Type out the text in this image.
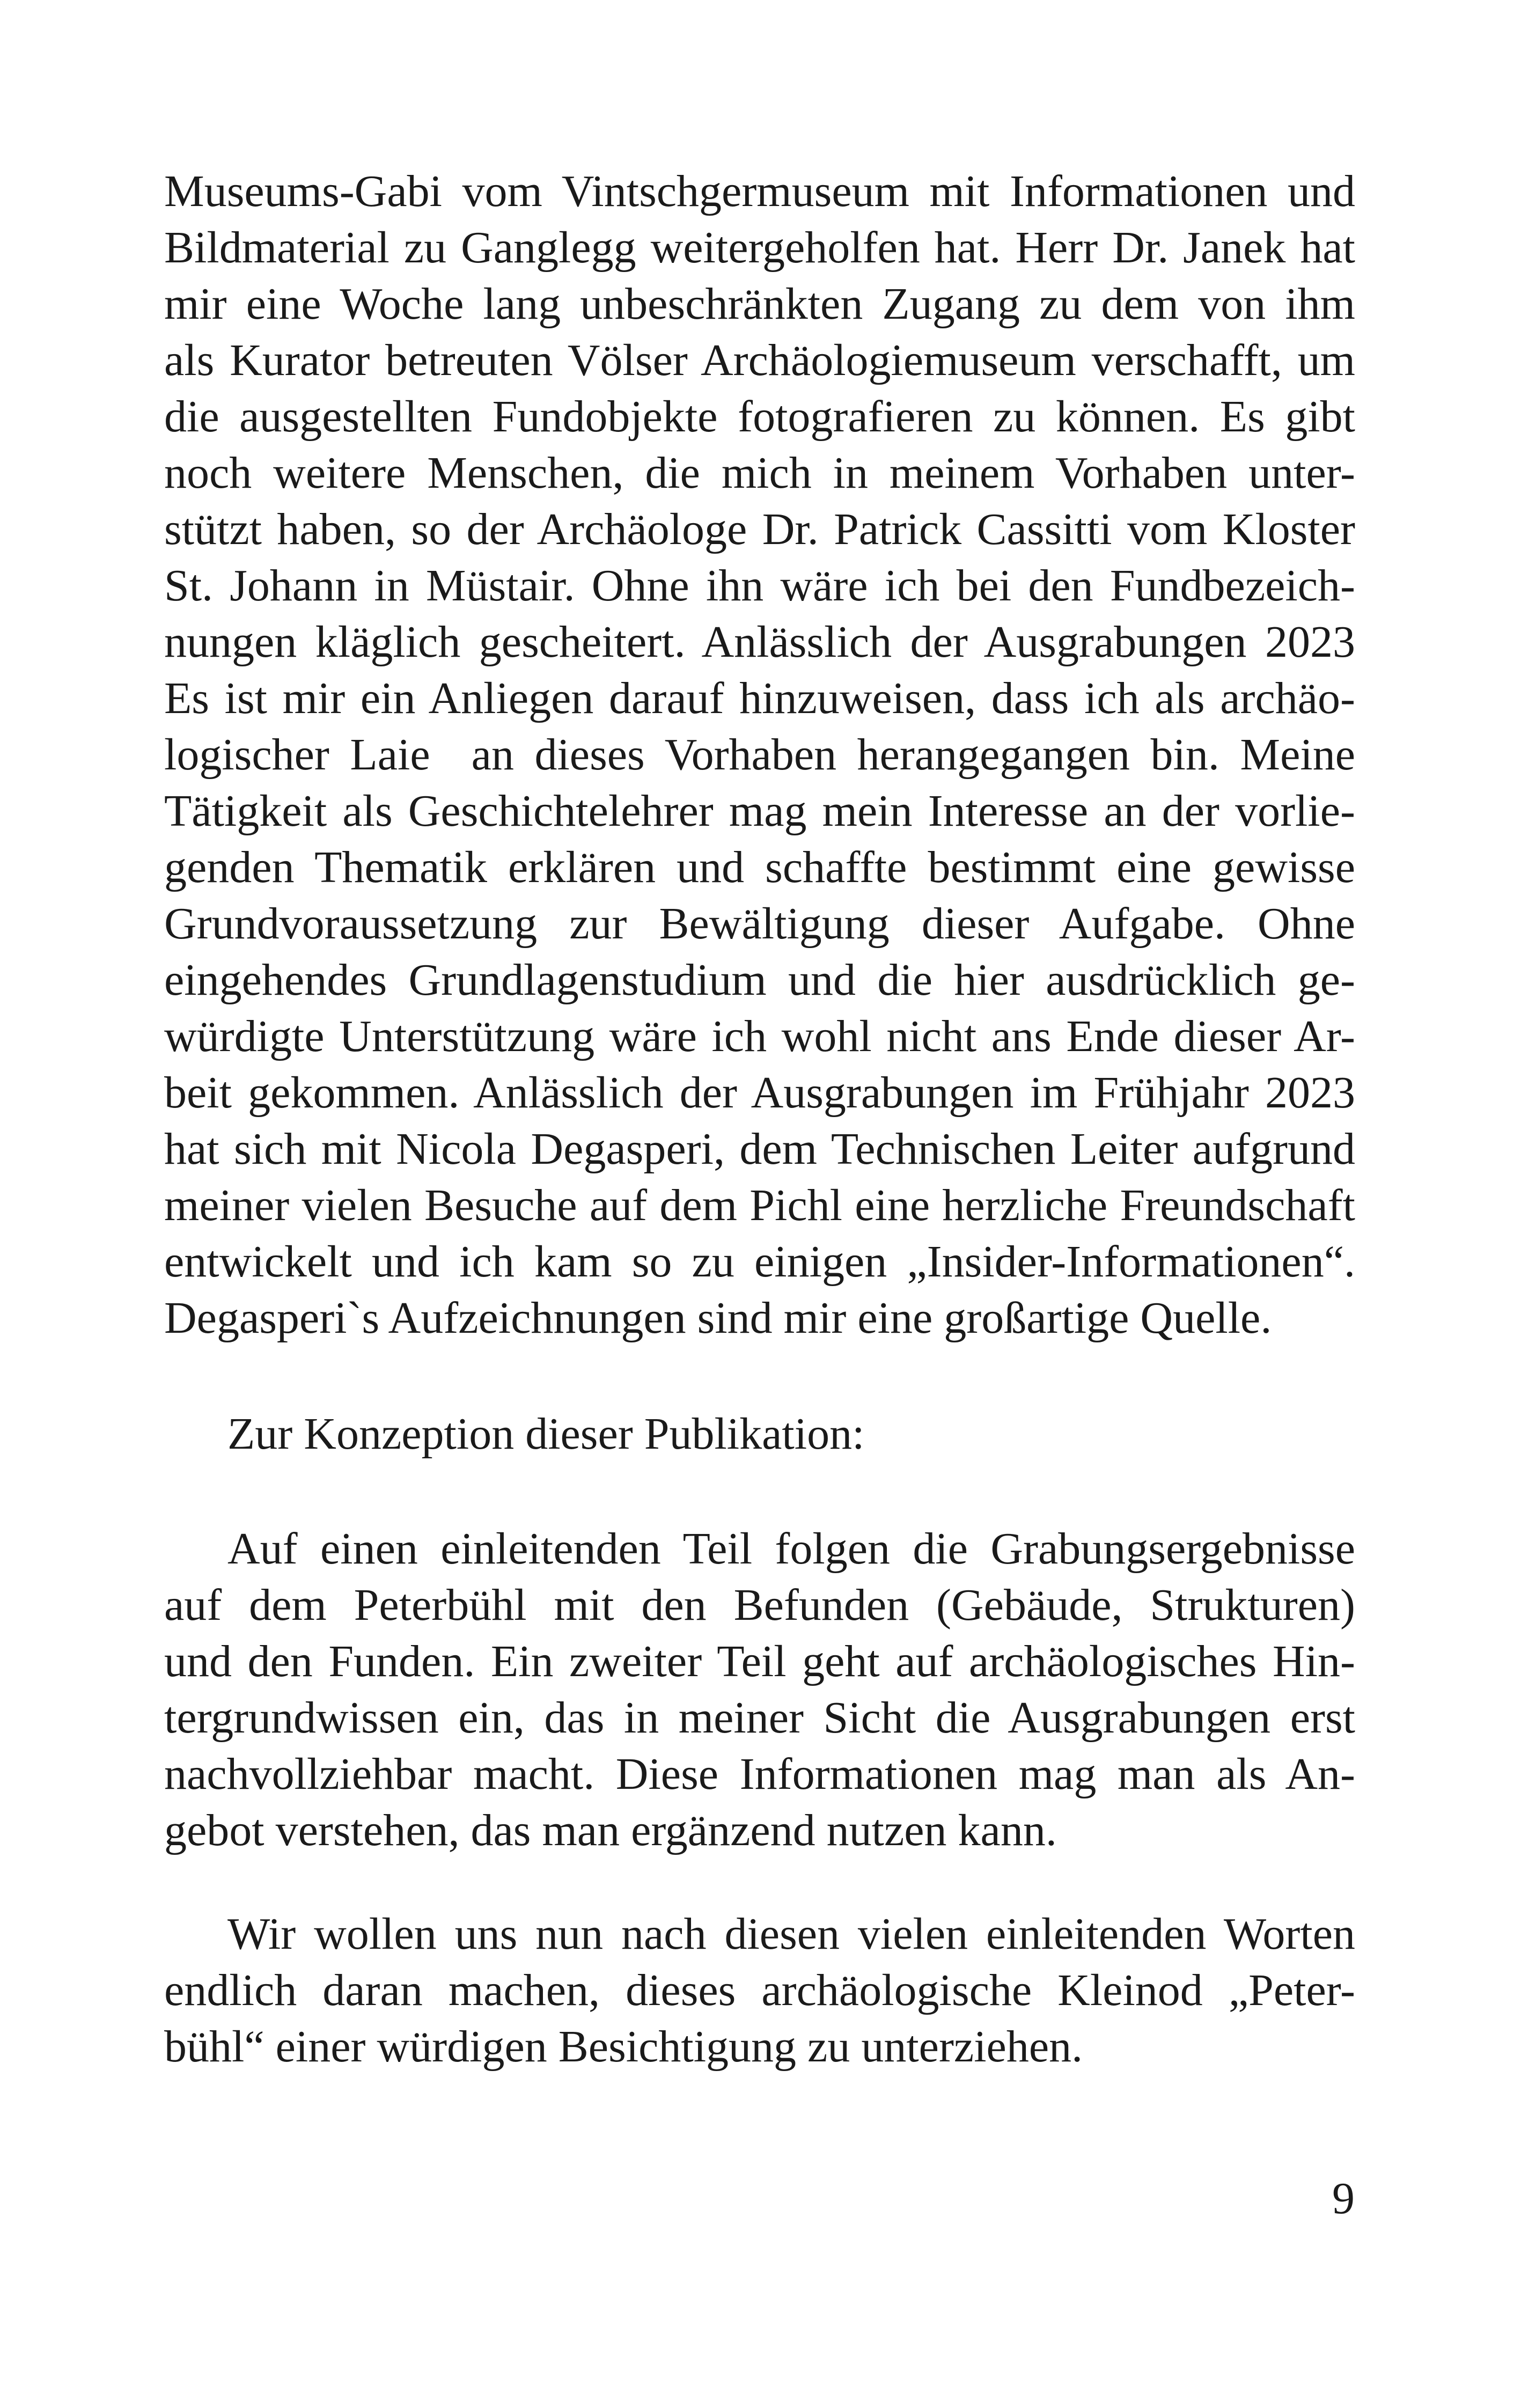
Museums-Gabi vom Vintschgermuseum mit Informationen und
Bildmaterial zu Ganglegg weitergeholfen hat. Herr Dr. Janek hat
mir eine Woche lang unbeschränkten Zugang zu dem von ihm
als Kurator betreuten Völser Archäologiemuseum verschafft, um
die ausgestellten Fundobjekte fotografieren zu können. Es gibt
noch weitere Menschen, die mich in meinem Vorhaben unter-
stützt haben, so der Archäologe Dr. Patrick Cassitti vom Kloster
St. Johann in Müstair. Ohne ihn wäre ich bei den Fundbezeich-
nungen kläglich gescheitert. Anlässlich der Ausgrabungen 2023
Es ist mir ein Anliegen darauf hinzuweisen, dass ich als archäo-
logischer Laie  an dieses Vorhaben herangegangen bin. Meine
Tätigkeit als Geschichtelehrer mag mein Interesse an der vorlie-
genden Thematik erklären und schaffte bestimmt eine gewisse
Grundvoraussetzung zur Bewältigung dieser Aufgabe. Ohne
eingehendes Grundlagenstudium und die hier ausdrücklich ge-
würdigte Unterstützung wäre ich wohl nicht ans Ende dieser Ar-
beit gekommen. Anlässlich der Ausgrabungen im Frühjahr 2023
hat sich mit Nicola Degasperi, dem Technischen Leiter aufgrund
meiner vielen Besuche auf dem Pichl eine herzliche Freundschaft
entwickelt und ich kam so zu einigen „Insider-Informationen“.
Degasperi`s Aufzeichnungen sind mir eine großartige Quelle.
Zur Konzeption dieser Publikation:
Auf einen einleitenden Teil folgen die Grabungsergebnisse
auf dem Peterbühl mit den Befunden (Gebäude, Strukturen)
und den Funden. Ein zweiter Teil geht auf archäologisches Hin-
tergrundwissen ein, das in meiner Sicht die Ausgrabungen erst
nachvollziehbar macht. Diese Informationen mag man als An-
gebot verstehen, das man ergänzend nutzen kann.
Wir wollen uns nun nach diesen vielen einleitenden Worten
endlich daran machen, dieses archäologische Kleinod „Peter-
bühl“ einer würdigen Besichtigung zu unterziehen.
9
